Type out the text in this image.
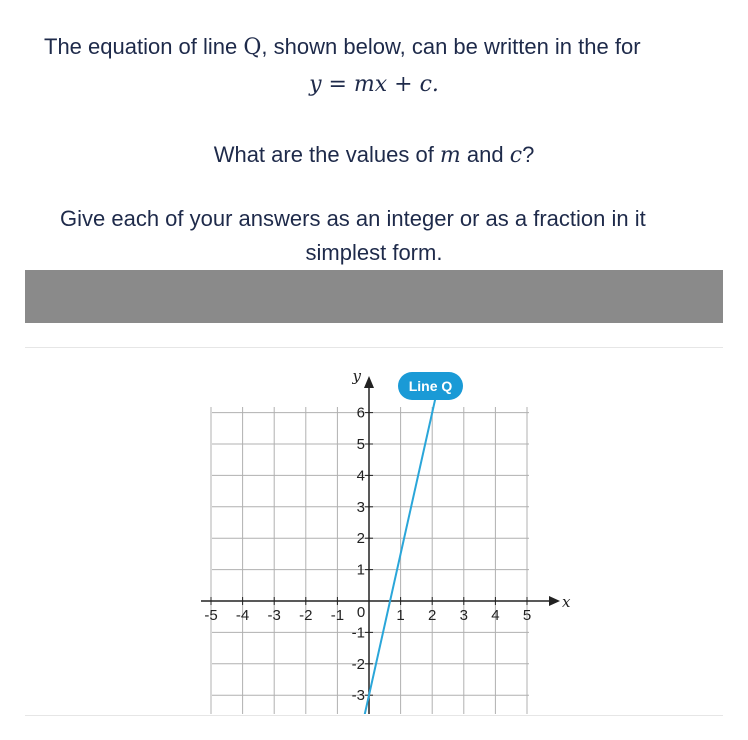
The equation of line Q, shown below, can be written in the for
y = mx + c.
What are the values of m and c?
Give each of your answers as an integer or as a fraction in it
simplest form.
-5 -4 -3 -2 -1	1 2 3 4 5
6
5
4
3
2
1
-1
-2
-3
0
x
y
Line Q
